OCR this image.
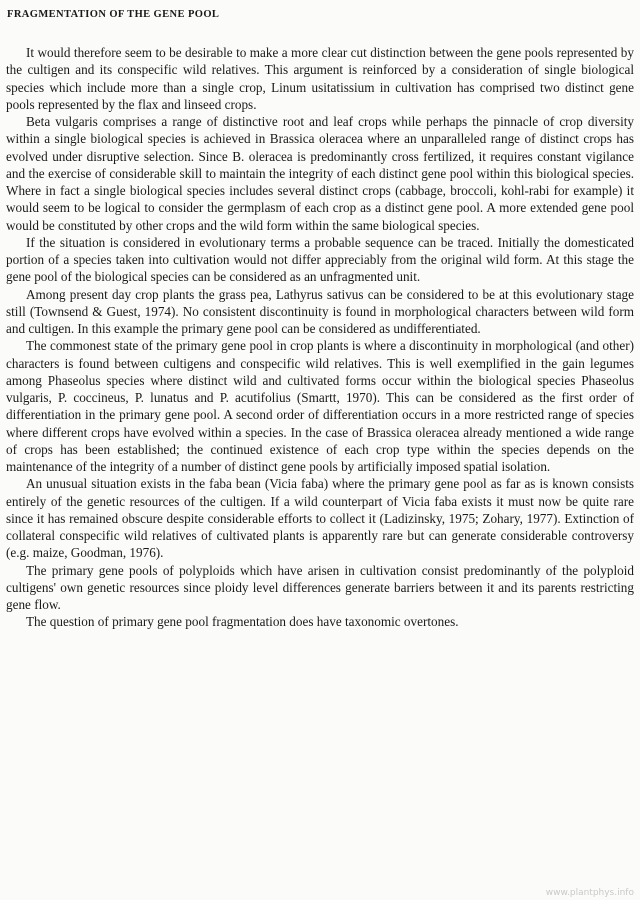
FRAGMENTATION OF THE GENE POOL

It would therefore seem to be desirable to make a more clear cut distinction between the gene pools represented by the cultigen and its conspecific wild relatives. This argument is reinforced by a consideration of single biological species which include more than a single crop, Linum usitatissium in cultivation has comprised two distinct gene pools represented by the flax and linseed crops.

Beta vulgaris comprises a range of distinctive root and leaf crops while perhaps the pinnacle of crop diversity within a single biological species is achieved in Brassica oleracea where an unparalleled range of distinct crops has evolved under disruptive selection. Since B. oleracea is predominantly cross fertilized, it requires constant vigilance and the exercise of considerable skill to maintain the integrity of each distinct gene pool within this biological species. Where in fact a single biological species includes several distinct crops (cabbage, broccoli, kohl-rabi for example) it would seem to be logical to consider the germplasm of each crop as a distinct gene pool. A more extended gene pool would be constituted by other crops and the wild form within the same biological species.

If the situation is considered in evolutionary terms a probable sequence can be traced. Initially the domesticated portion of a species taken into cultivation would not differ appreciably from the original wild form. At this stage the gene pool of the biological species can be considered as an unfragmented unit.

Among present day crop plants the grass pea, Lathyrus sativus can be considered to be at this evolutionary stage still (Townsend & Guest, 1974). No consistent discontinuity is found in morphological characters between wild form and cultigen. In this example the primary gene pool can be considered as undifferentiated.

The commonest state of the primary gene pool in crop plants is where a discontinuity in morphological (and other) characters is found between cultigens and conspecific wild relatives. This is well exemplified in the gain legumes among Phaseolus species where distinct wild and cultivated forms occur within the biological species Phaseolus vulgaris, P. coccineus, P. lunatus and P. acutifolius (Smartt, 1970). This can be considered as the first order of differentiation in the primary gene pool. A second order of differentiation occurs in a more restricted range of species where different crops have evolved within a species. In the case of Brassica oleracea already mentioned a wide range of crops has been established; the continued existence of each crop type within the species depends on the maintenance of the integrity of a number of distinct gene pools by artificially imposed spatial isolation.

An unusual situation exists in the faba bean (Vicia faba) where the primary gene pool as far as is known consists entirely of the genetic resources of the cultigen. If a wild counterpart of Vicia faba exists it must now be quite rare since it has remained obscure despite considerable efforts to collect it (Ladizinsky, 1975; Zohary, 1977). Extinction of collateral conspecific wild relatives of cultivated plants is apparently rare but can generate considerable controversy (e.g. maize, Goodman, 1976).

The primary gene pools of polyploids which have arisen in cultivation consist predominantly of the polyploid cultigens' own genetic resources since ploidy level differences generate barriers between it and its parents restricting gene flow.

The question of primary gene pool fragmentation does have taxonomic overtones.

www.plantphys.info
